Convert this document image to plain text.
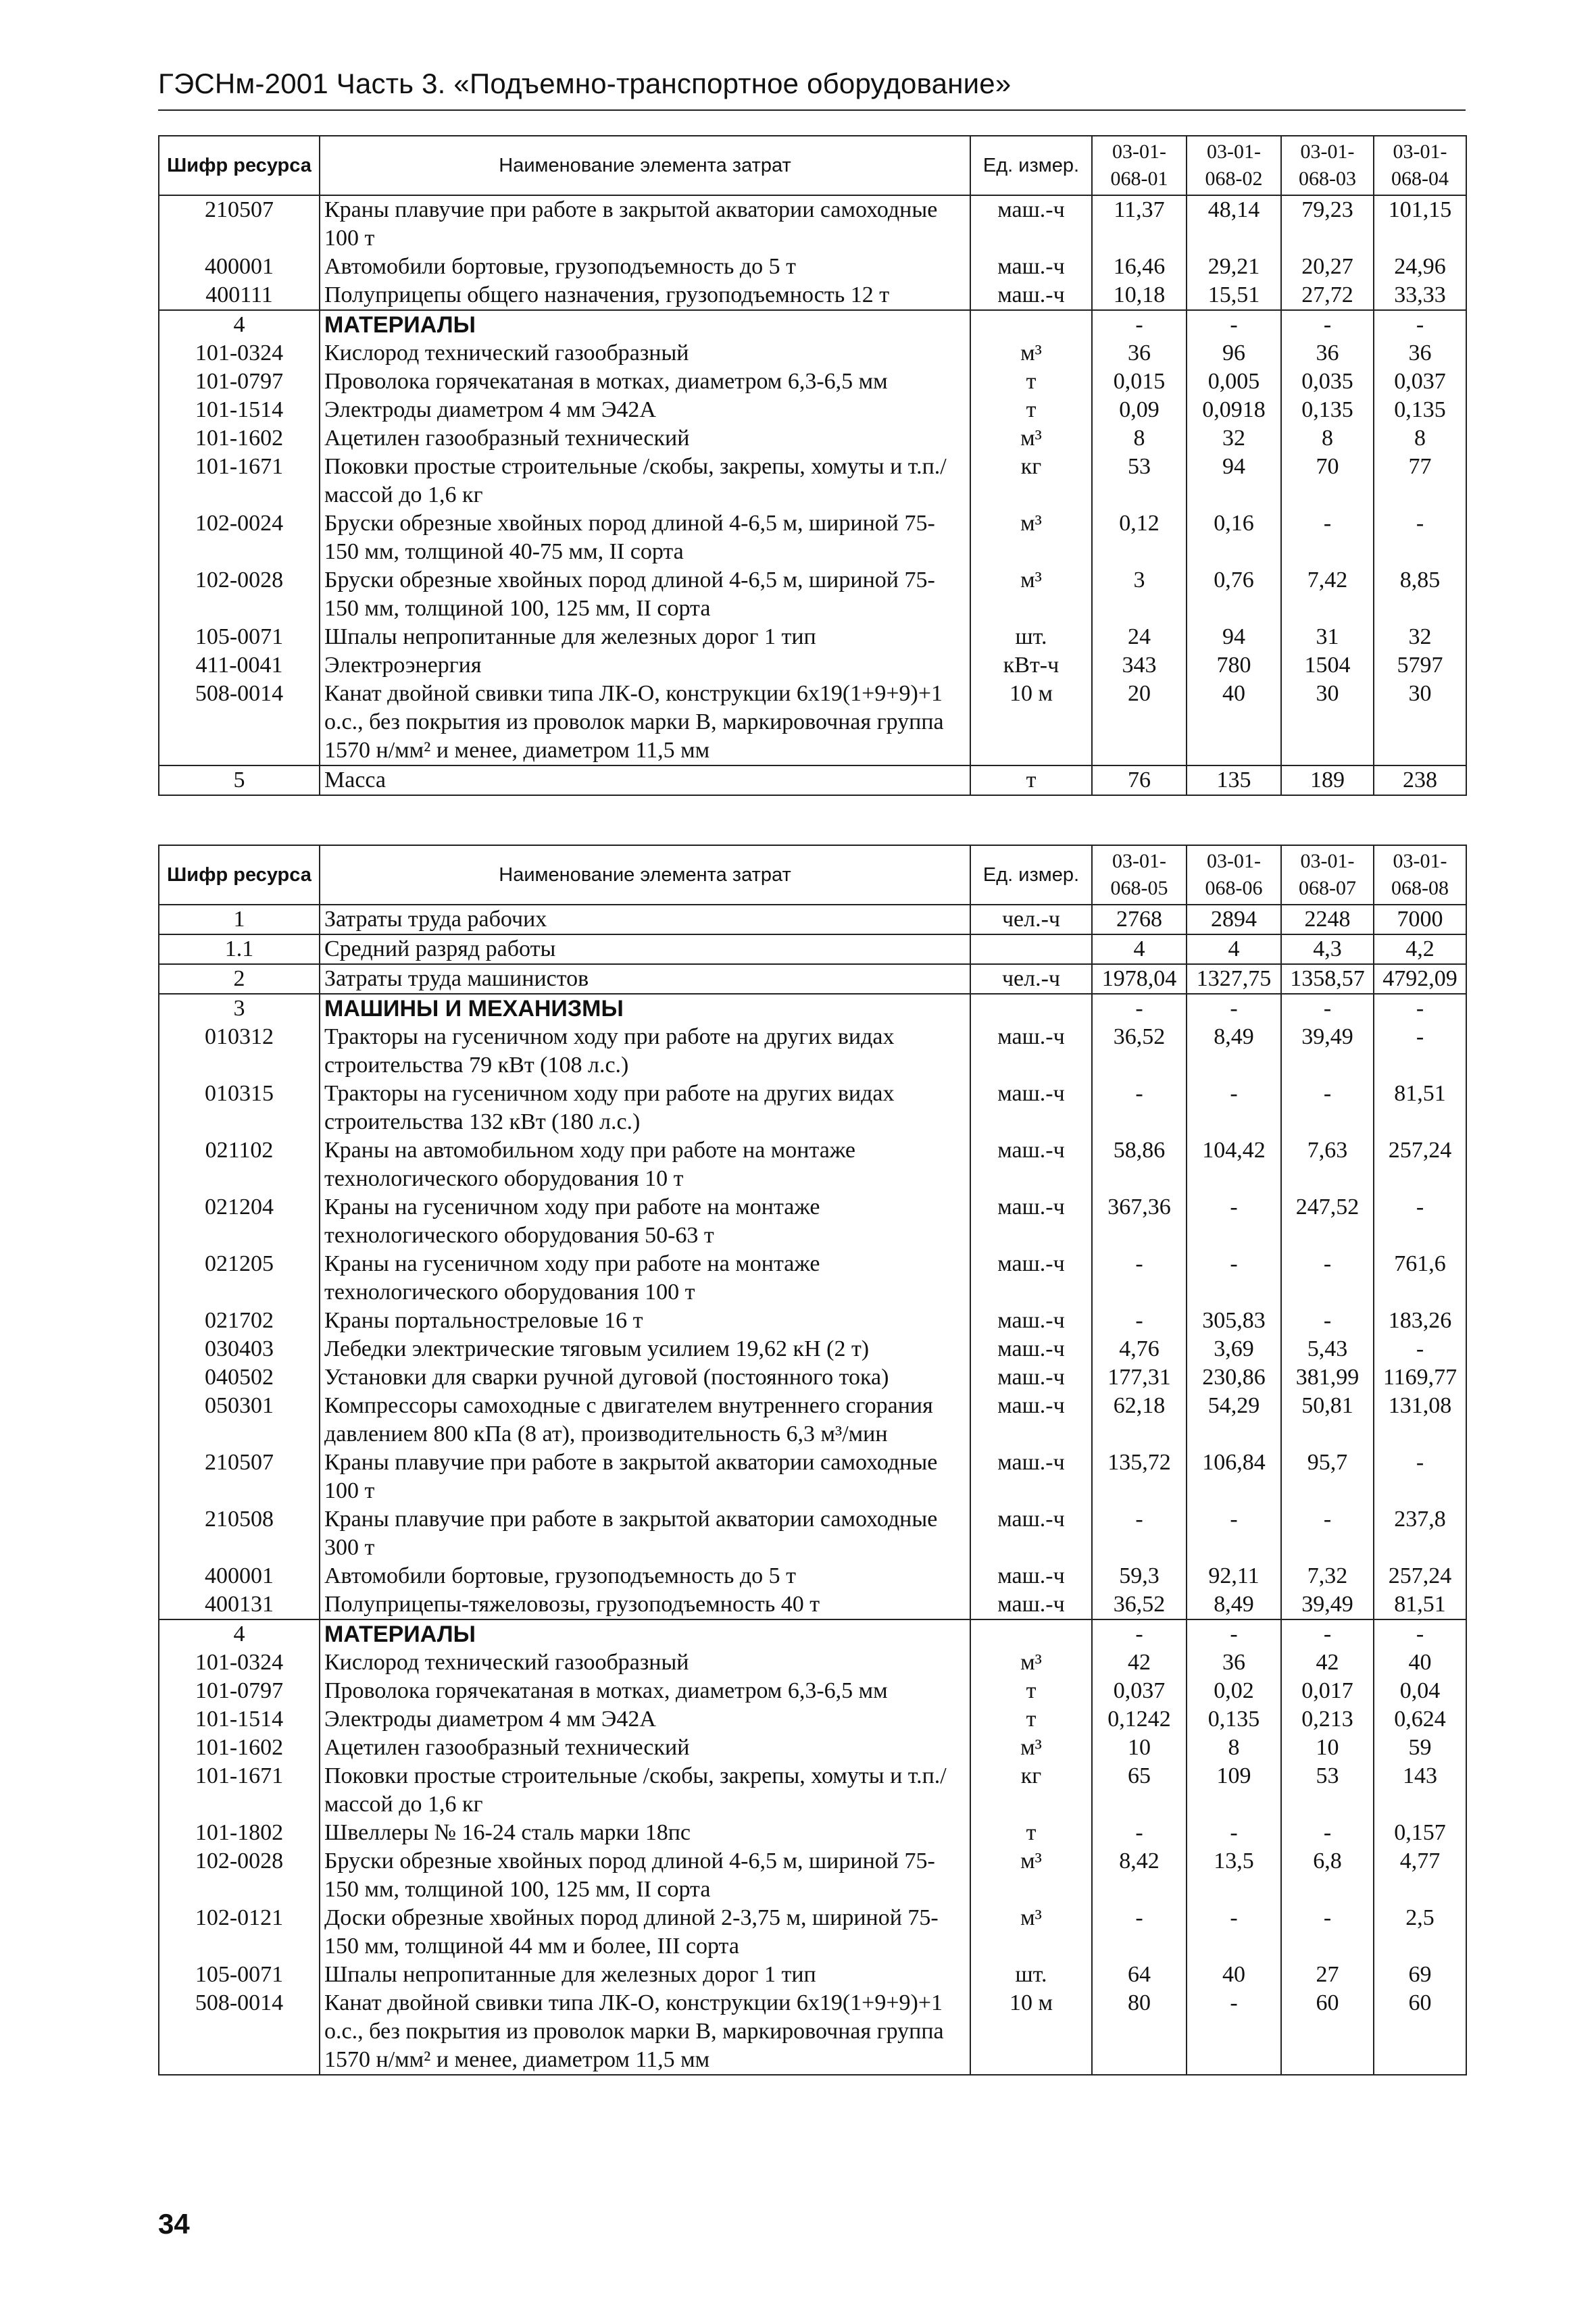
ГЭСНм-2001 Часть 3. «Подъемно-транспортное оборудование»
Шифр ресурса	Наименование элемента затрат	Ед. измер.	03-01-068-01	03-01-068-02	03-01-068-03	03-01-068-04
210507	Краны плавучие при работе в закрытой акватории самоходные 100 т	маш.-ч	11,37	48,14	79,23	101,15
400001	Автомобили бортовые, грузоподъемность до 5 т	маш.-ч	16,46	29,21	20,27	24,96
400111	Полуприцепы общего назначения, грузоподъемность 12 т	маш.-ч	10,18	15,51	27,72	33,33
4	МАТЕРИАЛЫ		-	-	-	-
101-0324	Кислород технический газообразный	м³	36	96	36	36
101-0797	Проволока горячекатаная в мотках, диаметром 6,3-6,5 мм	т	0,015	0,005	0,035	0,037
101-1514	Электроды диаметром 4 мм Э42А	т	0,09	0,0918	0,135	0,135
101-1602	Ацетилен газообразный технический	м³	8	32	8	8
101-1671	Поковки простые строительные /скобы, закрепы, хомуты и т.п./ массой до 1,6 кг	кг	53	94	70	77
102-0024	Бруски обрезные хвойных пород длиной 4-6,5 м, шириной 75-150 мм, толщиной 40-75 мм, II сорта	м³	0,12	0,16	-	-
102-0028	Бруски обрезные хвойных пород длиной 4-6,5 м, шириной 75-150 мм, толщиной 100, 125 мм, II сорта	м³	3	0,76	7,42	8,85
105-0071	Шпалы непропитанные для железных дорог 1 тип	шт.	24	94	31	32
411-0041	Электроэнергия	кВт-ч	343	780	1504	5797
508-0014	Канат двойной свивки типа ЛК-О, конструкции 6х19(1+9+9)+1 о.с., без покрытия из проволок марки В, маркировочная группа 1570 н/мм² и менее, диаметром 11,5 мм	10 м	20	40	30	30
5	Масса	т	76	135	189	238
Шифр ресурса	Наименование элемента затрат	Ед. измер.	03-01-068-05	03-01-068-06	03-01-068-07	03-01-068-08
1	Затраты труда рабочих	чел.-ч	2768	2894	2248	7000
1.1	Средний разряд работы		4	4	4,3	4,2
2	Затраты труда машинистов	чел.-ч	1978,04	1327,75	1358,57	4792,09
3	МАШИНЫ И МЕХАНИЗМЫ		-	-	-	-
010312	Тракторы на гусеничном ходу при работе на других видах строительства 79 кВт (108 л.с.)	маш.-ч	36,52	8,49	39,49	-
010315	Тракторы на гусеничном ходу при работе на других видах строительства 132 кВт (180 л.с.)	маш.-ч	-	-	-	81,51
021102	Краны на автомобильном ходу при работе на монтаже технологического оборудования 10 т	маш.-ч	58,86	104,42	7,63	257,24
021204	Краны на гусеничном ходу при работе на монтаже технологического оборудования 50-63 т	маш.-ч	367,36	-	247,52	-
021205	Краны на гусеничном ходу при работе на монтаже технологического оборудования 100 т	маш.-ч	-	-	-	761,6
021702	Краны портальностреловые 16 т	маш.-ч	-	305,83	-	183,26
030403	Лебедки электрические тяговым усилием 19,62 кН (2 т)	маш.-ч	4,76	3,69	5,43	-
040502	Установки для сварки ручной дуговой (постоянного тока)	маш.-ч	177,31	230,86	381,99	1169,77
050301	Компрессоры самоходные с двигателем внутреннего сгорания давлением 800 кПа (8 ат), производительность 6,3 м³/мин	маш.-ч	62,18	54,29	50,81	131,08
210507	Краны плавучие при работе в закрытой акватории самоходные 100 т	маш.-ч	135,72	106,84	95,7	-
210508	Краны плавучие при работе в закрытой акватории самоходные 300 т	маш.-ч	-	-	-	237,8
400001	Автомобили бортовые, грузоподъемность до 5 т	маш.-ч	59,3	92,11	7,32	257,24
400131	Полуприцепы-тяжеловозы, грузоподъемность 40 т	маш.-ч	36,52	8,49	39,49	81,51
4	МАТЕРИАЛЫ		-	-	-	-
101-0324	Кислород технический газообразный	м³	42	36	42	40
101-0797	Проволока горячекатаная в мотках, диаметром 6,3-6,5 мм	т	0,037	0,02	0,017	0,04
101-1514	Электроды диаметром 4 мм Э42А	т	0,1242	0,135	0,213	0,624
101-1602	Ацетилен газообразный технический	м³	10	8	10	59
101-1671	Поковки простые строительные /скобы, закрепы, хомуты и т.п./ массой до 1,6 кг	кг	65	109	53	143
101-1802	Швеллеры № 16-24 сталь марки 18пс	т	-	-	-	0,157
102-0028	Бруски обрезные хвойных пород длиной 4-6,5 м, шириной 75-150 мм, толщиной 100, 125 мм, II сорта	м³	8,42	13,5	6,8	4,77
102-0121	Доски обрезные хвойных пород длиной 2-3,75 м, шириной 75-150 мм, толщиной 44 мм и более, III сорта	м³	-	-	-	2,5
105-0071	Шпалы непропитанные для железных дорог 1 тип	шт.	64	40	27	69
508-0014	Канат двойной свивки типа ЛК-О, конструкции 6х19(1+9+9)+1 о.с., без покрытия из проволок марки В, маркировочная группа 1570 н/мм² и менее, диаметром 11,5 мм	10 м	80	-	60	60
34
